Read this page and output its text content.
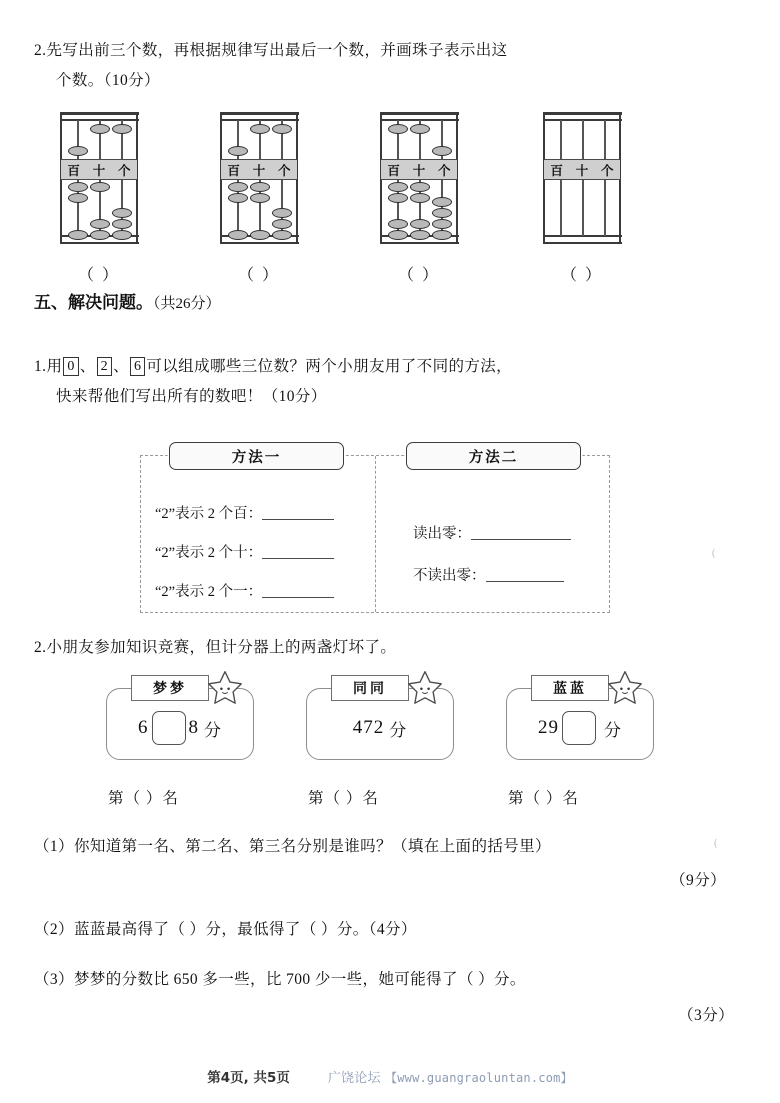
2.先写出前三个数，再根据规律写出最后一个数，并画珠子表示出这
个数。（10分）
百	十	个
（ ）
百	十	个
（ ）
百	十	个
（ ）
百	十	个
（ ）
五、解决问题。（共26分）
1.用 0 、 2 、 6 可以组成哪些三位数？两个小朋友用了不同的方法，
快来帮他们写出所有的数吧！（10分）
方法一	方法二
“2”表示 2 个百：
“2”表示 2 个十：
“2”表示 2 个一：
读出零：
不读出零：
2.小朋友参加知识竞赛，但计分器上的两盏灯坏了。
梦梦
6 8 分
同同
472 分
蓝蓝
29	分
第（ ）名	第（ ）名	第（ ）名
（1）你知道第一名、第二名、第三名分别是谁吗？（填在上面的括号里）
（9分）
（2）蓝蓝最高得了（ ）分，最低得了（ ）分。（4分）
（3）梦梦的分数比 650 多一些，比 700 少一些，她可能得了（ ）分。
（3分）
第4页, 共5页	广饶论坛 【www.guangraoluntan.com】
(
(
